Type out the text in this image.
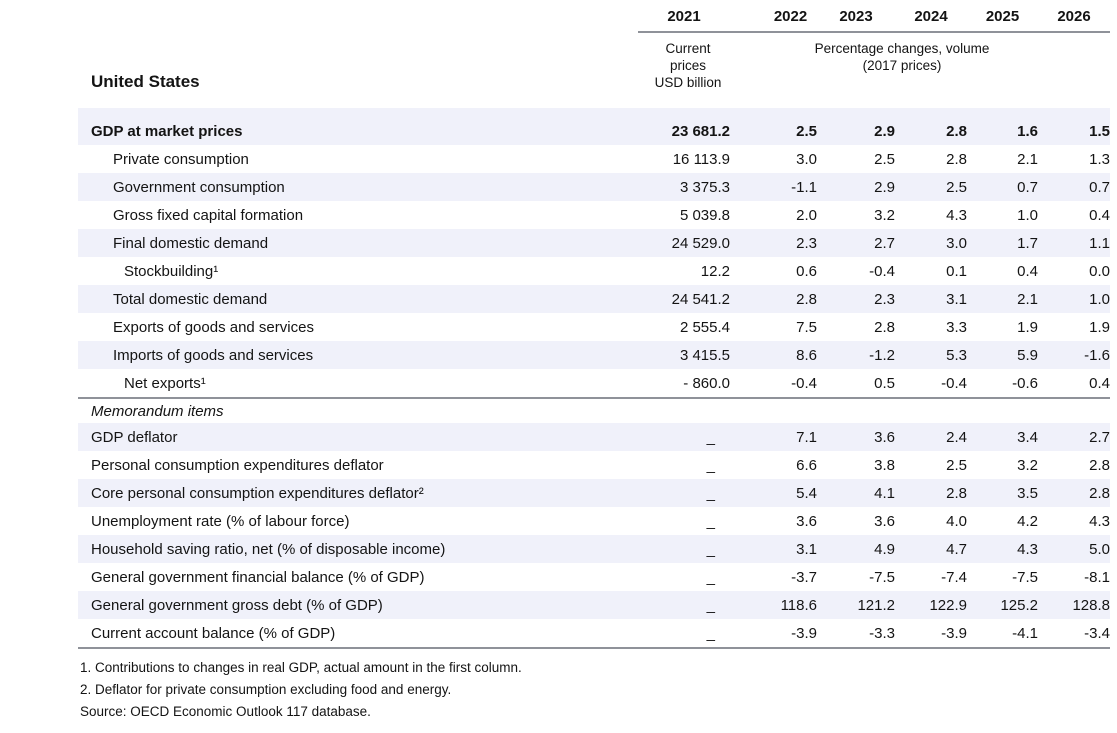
2021	2022	2023	2024	2025	2026
United States
Current prices
USD billion
Percentage changes, volume
(2017 prices)
GDP at market prices	23 681.2	2.5	2.9	2.8	1.6	1.5
Private consumption	16 113.9	3.0	2.5	2.8	2.1	1.3
Government consumption	3 375.3	-1.1	2.9	2.5	0.7	0.7
Gross fixed capital formation	5 039.8	2.0	3.2	4.3	1.0	0.4
Final domestic demand	24 529.0	2.3	2.7	3.0	1.7	1.1
Stockbuilding¹	12.2	0.6	-0.4	0.1	0.4	0.0
Total domestic demand	24 541.2	2.8	2.3	3.1	2.1	1.0
Exports of goods and services	2 555.4	7.5	2.8	3.3	1.9	1.9
Imports of goods and services	3 415.5	8.6	-1.2	5.3	5.9	-1.6
Net exports¹	- 860.0	-0.4	0.5	-0.4	-0.6	0.4
Memorandum items
GDP deflator	_	7.1	3.6	2.4	3.4	2.7
Personal consumption expenditures deflator	_	6.6	3.8	2.5	3.2	2.8
Core personal consumption expenditures deflator²	_	5.4	4.1	2.8	3.5	2.8
Unemployment rate (% of labour force)	_	3.6	3.6	4.0	4.2	4.3
Household saving ratio, net (% of disposable income)	_	3.1	4.9	4.7	4.3	5.0
General government financial balance (% of GDP)	_	-3.7	-7.5	-7.4	-7.5	-8.1
General government gross debt (% of GDP)	_	118.6	121.2	122.9	125.2	128.8
Current account balance (% of GDP)	_	-3.9	-3.3	-3.9	-4.1	-3.4
1. Contributions to changes in real GDP, actual amount in the first column.
2. Deflator for private consumption excluding food and energy.
Source: OECD Economic Outlook 117 database.
